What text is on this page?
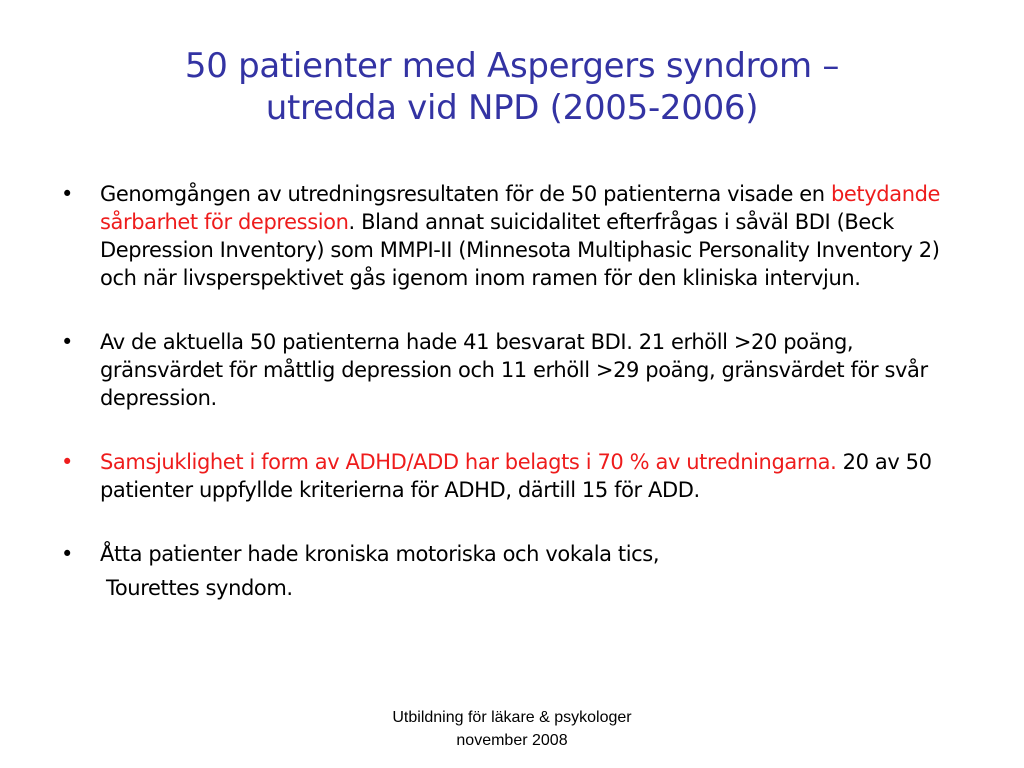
50 patienter med Aspergers syndrom –
utredda vid NPD (2005-2006)
• Genomgången av utredningsresultaten för de 50 patienterna visade en betydande sårbarhet för depression. Bland annat suicidalitet efterfrågas i såväl BDI (Beck Depression Inventory) som MMPI-II (Minnesota Multiphasic Personality Inventory 2) och när livsperspektivet gås igenom inom ramen för den kliniska intervjun.
• Av de aktuella 50 patienterna hade 41 besvarat BDI. 21 erhöll >20 poäng, gränsvärdet för måttlig depression och 11 erhöll >29 poäng, gränsvärdet för svår depression.
• Samsjuklighet i form av ADHD/ADD har belagts i 70 % av utredningarna. 20 av 50 patienter uppfyllde kriterierna för ADHD, därtill 15 för ADD.
• Åtta patienter hade kroniska motoriska och vokala tics,
Tourettes syndom.
Utbildning för läkare & psykologer
november 2008
